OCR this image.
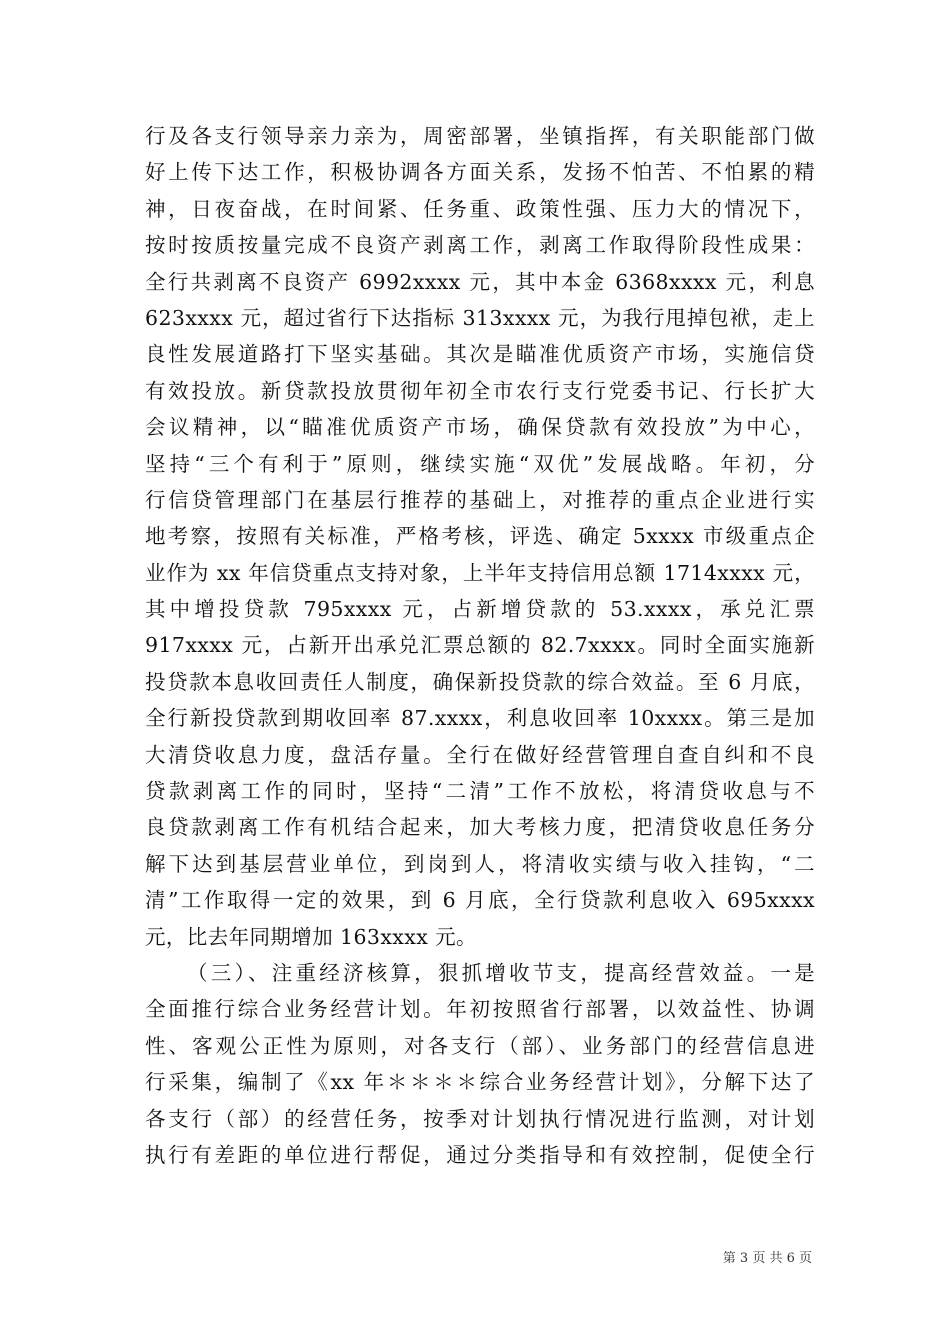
行及各支行领导亲力亲为，周密部署，坐镇指挥，有关职能部门做
好上传下达工作，积极协调各方面关系，发扬不怕苦、不怕累的精
神，日夜奋战，在时间紧、任务重、政策性强、压力大的情况下，
按时按质按量完成不良资产剥离工作，剥离工作取得阶段性成果：
全行共剥离不良资产 6992xxxx 元，其中本金 6368xxxx 元，利息
623xxxx 元，超过省行下达指标 313xxxx 元，为我行甩掉包袱，走上
良性发展道路打下坚实基础。其次是瞄准优质资产市场，实施信贷
有效投放。新贷款投放贯彻年初全市农行支行党委书记、行长扩大
会议精神，以“瞄准优质资产市场，确保贷款有效投放”为中心，
坚持“三个有利于”原则，继续实施“双优”发展战略。年初，分
行信贷管理部门在基层行推荐的基础上，对推荐的重点企业进行实
地考察，按照有关标准，严格考核，评选、确定 5xxxx 市级重点企
业作为 xx 年信贷重点支持对象，上半年支持信用总额 1714xxxx 元，
其中增投贷款 795xxxx 元，占新增贷款的 53.xxxx，承兑汇票
917xxxx 元，占新开出承兑汇票总额的 82.7xxxx。同时全面实施新
投贷款本息收回责任人制度，确保新投贷款的综合效益。至 6 月底，
全行新投贷款到期收回率 87.xxxx，利息收回率 10xxxx。第三是加
大清贷收息力度，盘活存量。全行在做好经营管理自查自纠和不良
贷款剥离工作的同时，坚持“二清”工作不放松，将清贷收息与不
良贷款剥离工作有机结合起来，加大考核力度，把清贷收息任务分
解下达到基层营业单位，到岗到人，将清收实绩与收入挂钩，“二
清”工作取得一定的效果，到 6 月底，全行贷款利息收入 695xxxx
元，比去年同期增加 163xxxx 元。
（三）、注重经济核算，狠抓增收节支，提高经营效益。一是
全面推行综合业务经营计划。年初按照省行部署，以效益性、协调
性、客观公正性为原则，对各支行（部）、业务部门的经营信息进
行采集，编制了《xx 年＊＊＊＊综合业务经营计划》，分解下达了
各支行（部）的经营任务，按季对计划执行情况进行监测，对计划
执行有差距的单位进行帮促，通过分类指导和有效控制，促使全行
第 3 页 共 6 页
